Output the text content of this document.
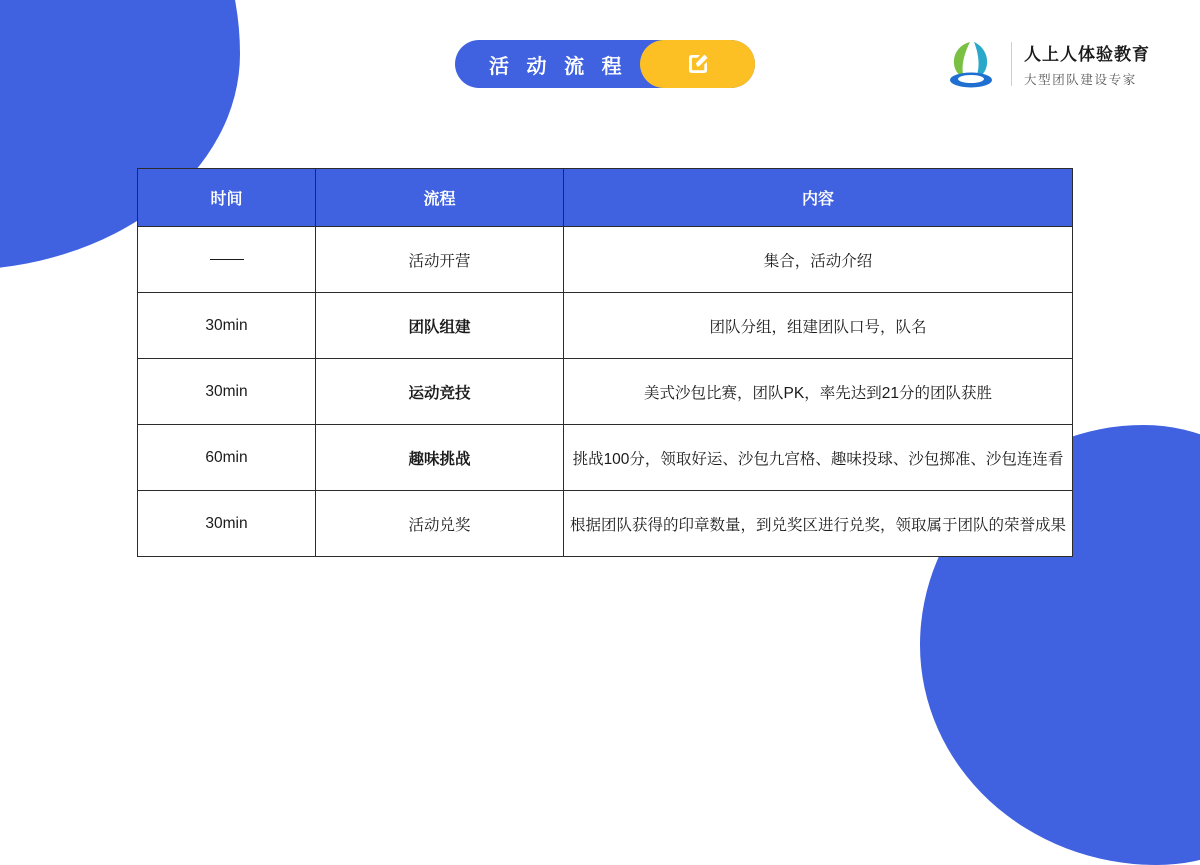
活 动 流 程
人上人体验教育
大型团队建设专家
时间	流程	内容
	活动开营	集合，活动介绍
30min	团队组建	团队分组，组建团队口号，队名
30min	运动竞技	美式沙包比赛，团队PK，率先达到21分的团队获胜
60min	趣味挑战	挑战100分，领取好运、沙包九宫格、趣味投球、沙包掷准、沙包连连看
30min	活动兑奖	根据团队获得的印章数量，到兑奖区进行兑奖，领取属于团队的荣誉成果
